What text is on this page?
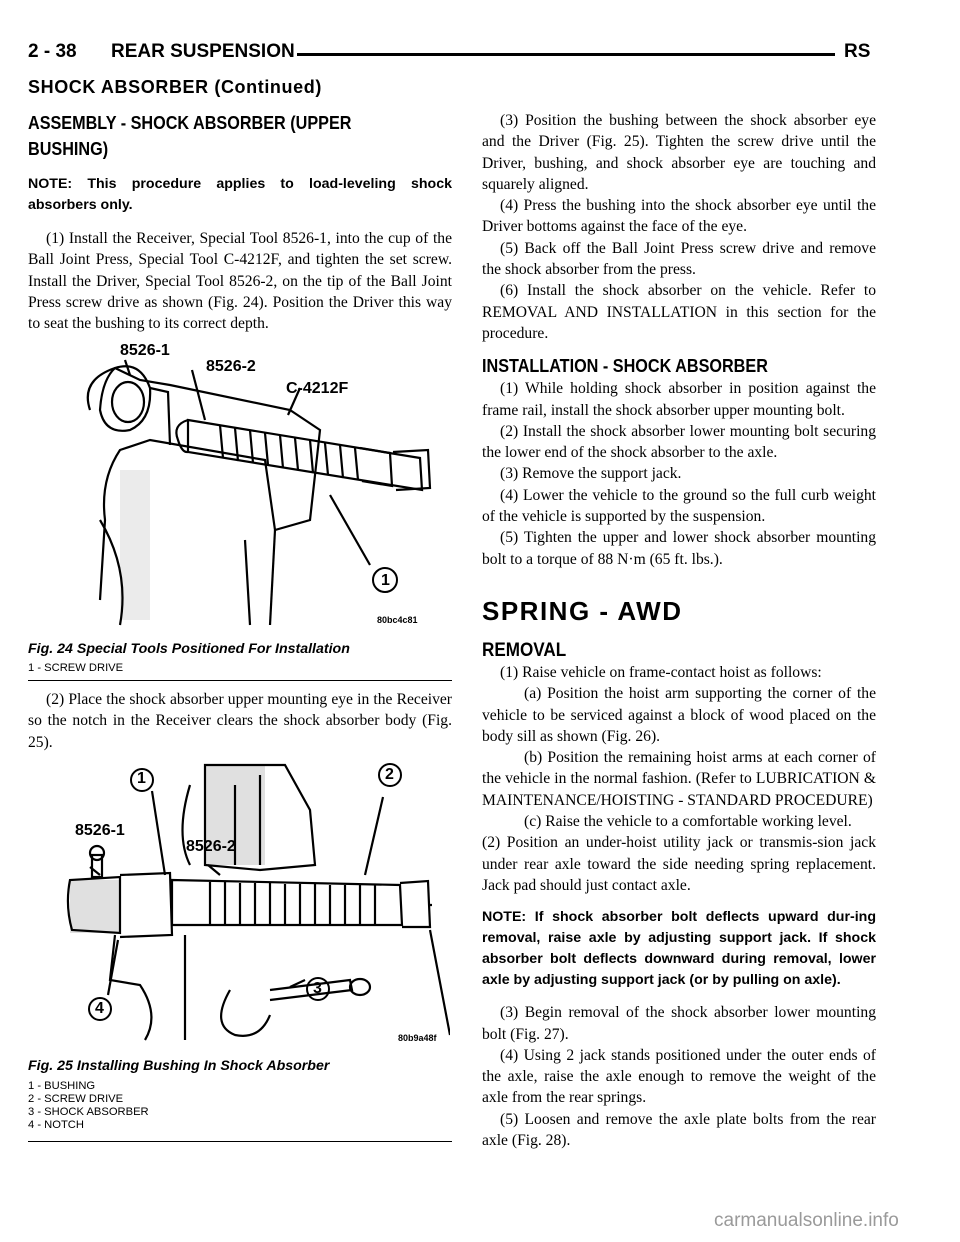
2 - 38 REAR SUSPENSION	RS
SHOCK ABSORBER (Continued)
ASSEMBLY - SHOCK ABSORBER (UPPER
BUSHING)

NOTE: This procedure applies to load-leveling shock absorbers only.

(1) Install the Receiver, Special Tool 8526-1, into the cup of the Ball Joint Press, Special Tool C-4212F, and tighten the set screw. Install the Driver, Special Tool 8526-2, on the tip of the Ball Joint Press screw drive as shown (Fig. 24). Position the Driver this way to seat the bushing to its correct depth.

8526-1
8526-2
C-4212F
1
80bc4c81
Fig. 24 Special Tools Positioned For Installation
1 - SCREW DRIVE

(2) Place the shock absorber upper mounting eye in the Receiver so the notch in the Receiver clears the shock absorber body (Fig. 25).

1
8526-1
8526-2
2
3
4
80b9a48f
Fig. 25 Installing Bushing In Shock Absorber
1 - BUSHING
2 - SCREW DRIVE
3 - SHOCK ABSORBER
4 - NOTCH

(3) Position the bushing between the shock absorber eye and the Driver (Fig. 25). Tighten the screw drive until the Driver, bushing, and shock absorber eye are touching and squarely aligned.

(4) Press the bushing into the shock absorber eye until the Driver bottoms against the face of the eye.

(5) Back off the Ball Joint Press screw drive and remove the shock absorber from the press.

(6) Install the shock absorber on the vehicle. Refer to REMOVAL AND INSTALLATION in this section for the procedure.

INSTALLATION - SHOCK ABSORBER

(1) While holding shock absorber in position against the frame rail, install the shock absorber upper mounting bolt.

(2) Install the shock absorber lower mounting bolt securing the lower end of the shock absorber to the axle.

(3) Remove the support jack.

(4) Lower the vehicle to the ground so the full curb weight of the vehicle is supported by the suspension.

(5) Tighten the upper and lower shock absorber mounting bolt to a torque of 88 N·m (65 ft. lbs.).

SPRING - AWD
REMOVAL

(1) Raise vehicle on frame-contact hoist as follows:

(a) Position the hoist arm supporting the corner of the vehicle to be serviced against a block of wood placed on the body sill as shown (Fig. 26).

(b) Position the remaining hoist arms at each corner of the vehicle in the normal fashion. (Refer to LUBRICATION & MAINTENANCE/HOISTING - STANDARD PROCEDURE)

(c) Raise the vehicle to a comfortable working level.

(2) Position an under-hoist utility jack or transmis-sion jack under rear axle toward the side needing spring replacement. Jack pad should just contact axle.

NOTE: If shock absorber bolt deflects upward dur-ing removal, raise axle by adjusting support jack. If shock absorber bolt deflects downward during removal, lower axle by adjusting support jack (or by pulling on axle).

(3) Begin removal of the shock absorber lower mounting bolt (Fig. 27).

(4) Using 2 jack stands positioned under the outer ends of the axle, raise the axle enough to remove the weight of the axle from the rear springs.

(5) Loosen and remove the axle plate bolts from the rear axle (Fig. 28).

carmanualsonline.info
